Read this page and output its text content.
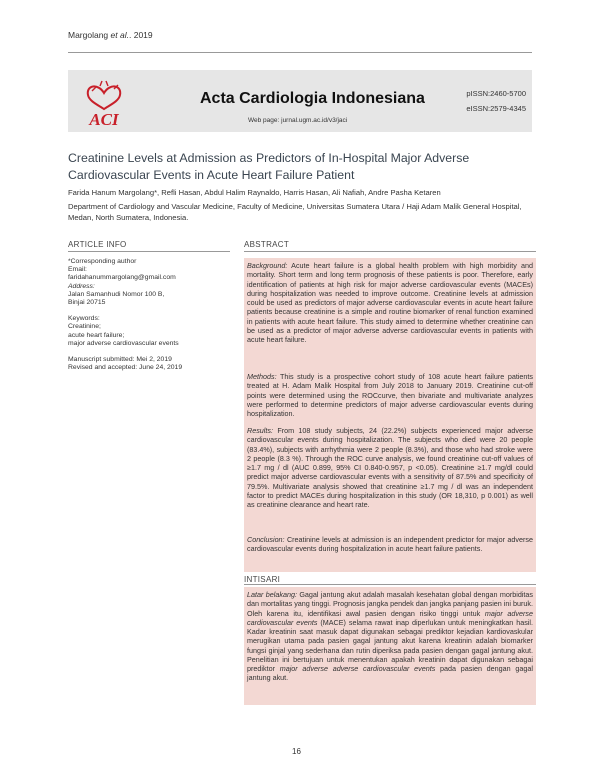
Margolang et al.. 2019
ACI
Acta Cardiologia Indonesiana	pISSN:2460-5700
eISSN:2579-4345
Web page: jurnal.ugm.ac.id/v3/jaci
Creatinine Levels at Admission as Predictors of In-Hospital Major Adverse Cardiovascular Events in Acute Heart Failure Patient
Farida Hanum Margolang*, Refli Hasan, Abdul Halim Raynaldo, Harris Hasan, Ali Nafiah, Andre Pasha Ketaren
Department of Cardiology and Vascular Medicine, Faculty of Medicine, Universitas Sumatera Utara / Haji Adam Malik General Hospital, Medan, North Sumatera, Indonesia.
ARTICLE INFO
*Corresponding author
Email:
faridahanummargolang@gmail.com
Address:
Jalan Samanhudi Nomor 100 B,
Binjai 20715
Keywords:
Creatinine;
acute heart failure;
major adverse cardiovascular events
Manuscript submitted: Mei 2, 2019
Revised and accepted: June 24, 2019
ABSTRACT
Background: Acute heart failure is a global health problem with high morbidity and mortality. Short term and long term prognosis of these patients is poor. Therefore, early identification of patients at high risk for major adverse cardiovascular events (MACEs) during hospitalization was needed to improve outcome. Creatinine levels at admission could be used as predictors of major adverse cardiovascular events in acute heart failure patients because creatinine is a simple and routine biomarker of renal function examined in patients with acute heart failure. This study aimed to determine whether creatinine can be used as a predictor of major adverse adverse cardiovascular events in patients with acute heart failure.
Methods: This study is a prospective cohort study of 108 acute heart failure patients treated at H. Adam Malik Hospital from July 2018 to January 2019. Creatinine cut-off points were determined using the ROCcurve, then bivariate and multivariate analyzes were performed to determine predictors of major adverse cardiovascular events during hospitalization.
Results: From 108 study subjects, 24 (22.2%) subjects experienced major adverse cardiovascular events during hospitalization. The subjects who died were 20 people (83.4%), subjects with arrhythmia were 2 people (8.3%), and those who had stroke were 2 people (8.3 %). Through the ROC curve analysis, we found creatinine cut-off values of ≥1.7 mg / dl (AUC 0.899, 95% CI 0.840-0.957, p <0.05). Creatinine ≥1.7 mg/dl could predict major adverse cardiovascular events with a sensitivity of 87.5% and specificity of 79.5%. Multivariate analysis showed that creatinine ≥1.7 mg / dl was an independent factor to predict MACEs during hospitalization in this study (OR 18,310, p 0.001) as well as creatinine clearance and heart rate.
Conclusion: Creatinine levels at admission is an independent predictor for major adverse cardiovascular events during hospitalization in acute heart failure patients.
INTISARI
Latar belakang: Gagal jantung akut adalah masalah kesehatan global dengan morbiditas dan mortalitas yang tinggi. Prognosis jangka pendek dan jangka panjang pasien ini buruk. Oleh karena itu, identifikasi awal pasien dengan risiko tinggi untuk major adverse cardiovascular events (MACE) selama rawat inap diperlukan untuk meningkatkan hasil. Kadar kreatinin saat masuk dapat digunakan sebagai prediktor kejadian kardiovaskular merugikan utama pada pasien gagal jantung akut karena kreatinin adalah biomarker fungsi ginjal yang sederhana dan rutin diperiksa pada pasien dengan gagal jantung akut. Penelitian ini bertujuan untuk menentukan apakah kreatinin dapat digunakan sebagai prediktor major adverse adverse cardiovascular events pada pasien dengan gagal jantung akut.
16
